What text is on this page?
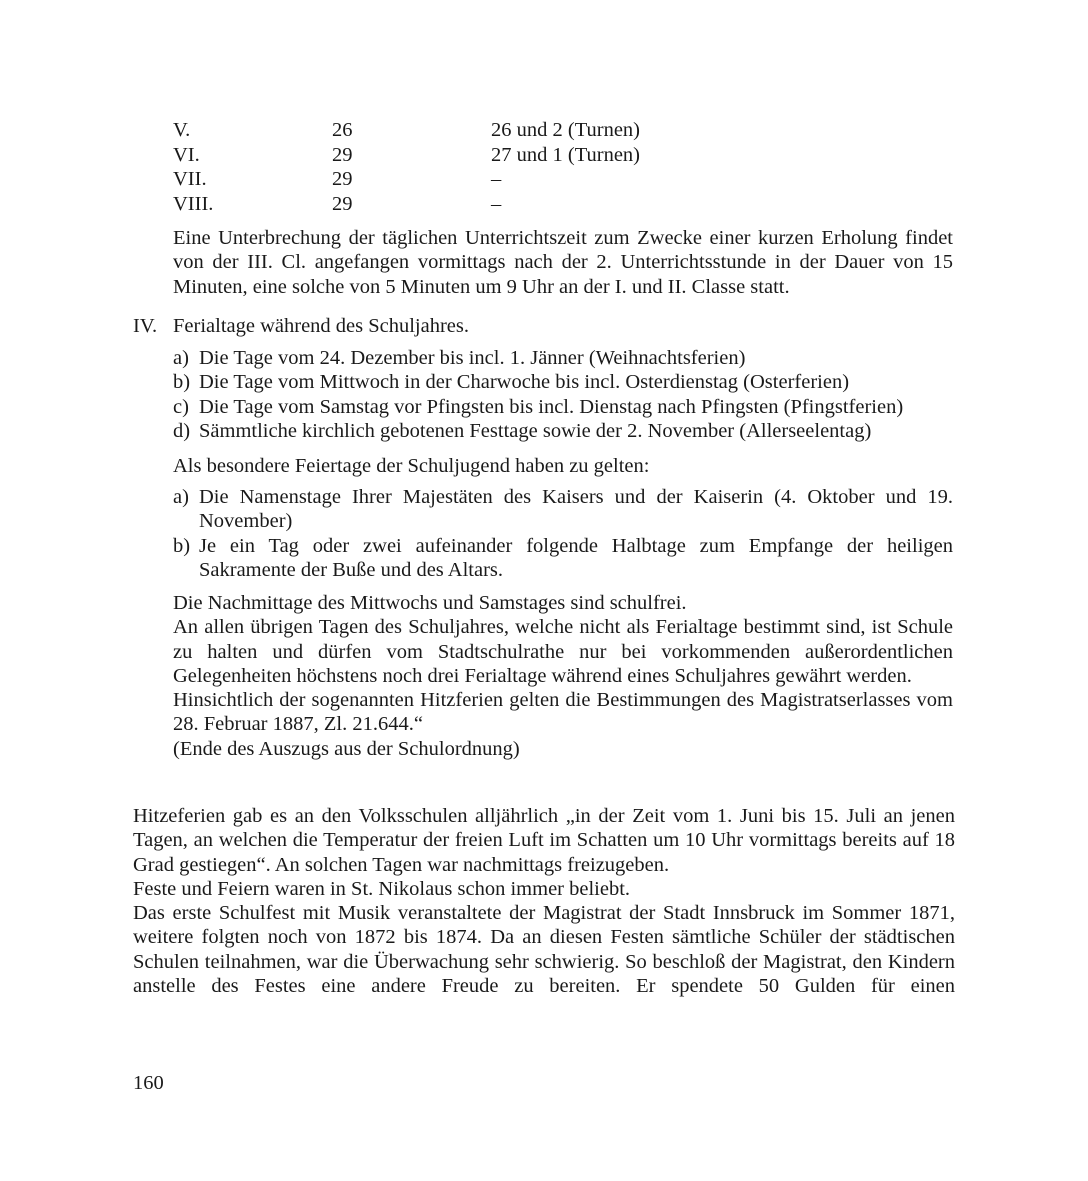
V.	26	26 und 2 (Turnen)
VI.	29	27 und 1 (Turnen)
VII.	29	–
VIII.	29	–

Eine Unterbrechung der täglichen Unterrichtszeit zum Zwecke einer kurzen Erholung findet von der III. Cl. angefangen vormittags nach der 2. Unterrichtsstunde in der Dauer von 15 Minuten, eine solche von 5 Minuten um 9 Uhr an der I. und II. Classe statt.

IV. Ferialtage während des Schuljahres.
a) Die Tage vom 24. Dezember bis incl. 1. Jänner (Weihnachtsferien)
b) Die Tage vom Mittwoch in der Charwoche bis incl. Osterdienstag (Osterferien)
c) Die Tage vom Samstag vor Pfingsten bis incl. Dienstag nach Pfingsten (Pfingstferien)
d) Sämmtliche kirchlich gebotenen Festtage sowie der 2. November (Allerseelentag)

Als besondere Feiertage der Schuljugend haben zu gelten:

a) Die Namenstage Ihrer Majestäten des Kaisers und der Kaiserin (4. Oktober und 19. November)

b) Je ein Tag oder zwei aufeinander folgende Halbtage zum Empfange der heiligen Sakramente der Buße und des Altars.

Die Nachmittage des Mittwochs und Samstages sind schulfrei.

An allen übrigen Tagen des Schuljahres, welche nicht als Ferialtage bestimmt sind, ist Schule zu halten und dürfen vom Stadtschulrathe nur bei vorkommenden außerordentlichen Gelegenheiten höchstens noch drei Ferialtage während eines Schuljahres gewährt werden.

Hinsichtlich der sogenannten Hitzferien gelten die Bestimmungen des Magistratserlasses vom 28. Februar 1887, Zl. 21.644.“

(Ende des Auszugs aus der Schulordnung)

Hitzeferien gab es an den Volksschulen alljährlich „in der Zeit vom 1. Juni bis 15. Juli an jenen Tagen, an welchen die Temperatur der freien Luft im Schatten um 10 Uhr vormittags bereits auf 18 Grad gestiegen“. An solchen Tagen war nachmittags freizugeben.

Feste und Feiern waren in St. Nikolaus schon immer beliebt.

Das erste Schulfest mit Musik veranstaltete der Magistrat der Stadt Innsbruck im Sommer 1871, weitere folgten noch von 1872 bis 1874. Da an diesen Festen sämtliche Schüler der städtischen Schulen teilnahmen, war die Überwachung sehr schwierig. So beschloß der Magistrat, den Kindern anstelle des Festes eine andere Freude zu bereiten. Er spendete 50 Gulden für einen

160
